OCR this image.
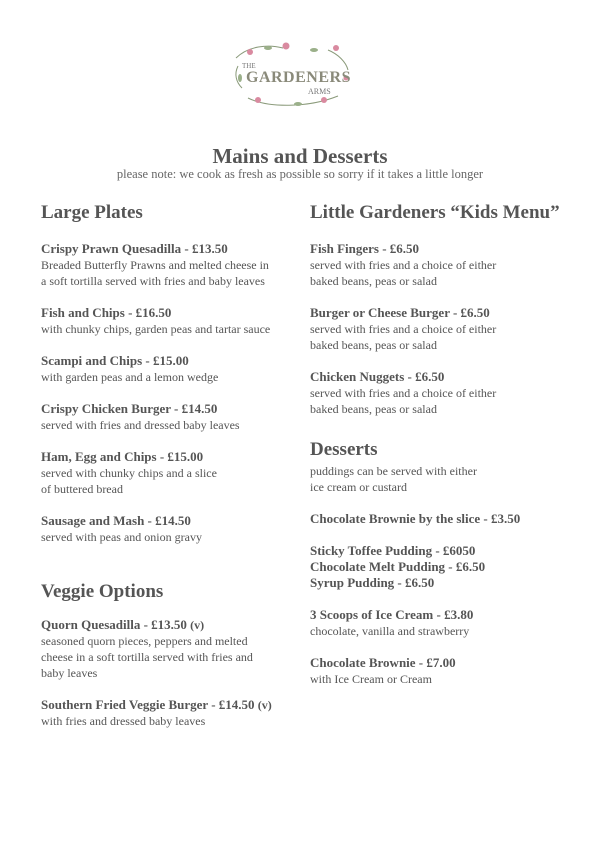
THE
GARDENERS
ARMS
Mains and Desserts
please note: we cook as fresh as possible so sorry if it takes a little longer
Large Plates
Crispy Prawn Quesadilla - £13.50
Breaded Butterfly Prawns and melted cheese in
a soft tortilla served with fries and baby leaves
Fish and Chips - £16.50
with chunky chips, garden peas and tartar sauce
Scampi and Chips - £15.00
with garden peas and a lemon wedge
Crispy Chicken Burger - £14.50
served with fries and dressed baby leaves
Ham, Egg and Chips - £15.00
served with chunky chips and a slice
of buttered bread
Sausage and Mash - £14.50
served with peas and onion gravy
Veggie Options
Quorn Quesadilla - £13.50 (v)
seasoned quorn pieces, peppers and melted
cheese in a soft tortilla served with fries and
baby leaves
Southern Fried Veggie Burger - £14.50 (v)
with fries and dressed baby leaves
Little Gardeners “Kids Menu”
Fish Fingers - £6.50
served with fries and a choice of either
baked beans, peas or salad
Burger or Cheese Burger - £6.50
served with fries and a choice of either
baked beans, peas or salad
Chicken Nuggets - £6.50
served with fries and a choice of either
baked beans, peas or salad
Desserts
puddings can be served with either
ice cream or custard
Chocolate Brownie by the slice - £3.50
Sticky Toffee Pudding - £6050
Chocolate Melt Pudding - £6.50
Syrup Pudding - £6.50
3 Scoops of Ice Cream - £3.80
chocolate, vanilla and strawberry
Chocolate Brownie - £7.00
with Ice Cream or Cream
